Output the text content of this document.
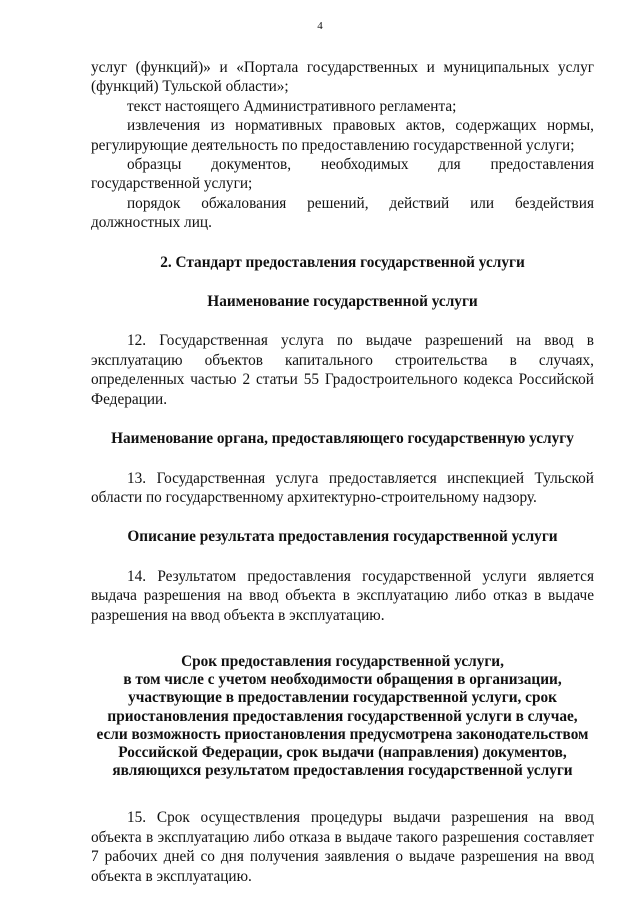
4

услуг (функций)» и «Портала государственных и муниципальных услуг (функций) Тульской области»;

текст настоящего Административного регламента;

извлечения из нормативных правовых актов, содержащих нормы, регулирующие деятельность по предоставлению государственной услуги;

образцы документов, необходимых для предоставления государственной услуги;

порядок обжалования решений, действий или бездействия должностных лиц.

2. Стандарт предоставления государственной услуги

Наименование государственной услуги

12. Государственная услуга по выдаче разрешений на ввод в эксплуатацию объектов капитального строительства в случаях, определенных частью 2 статьи 55 Градостроительного кодекса Российской Федерации.

Наименование органа, предоставляющего государственную услугу

13. Государственная услуга предоставляется инспекцией Тульской области по государственному архитектурно-строительному надзору.

Описание результата предоставления государственной услуги

14. Результатом предоставления государственной услуги является выдача разрешения на ввод объекта в эксплуатацию либо отказ в выдаче разрешения на ввод объекта в эксплуатацию.

Срок предоставления государственной услуги,

в том числе с учетом необходимости обращения в организации,

участвующие в предоставлении государственной услуги, срок

приостановления предоставления государственной услуги в случае,

если возможность приостановления предусмотрена законодательством

Российской Федерации, срок выдачи (направления) документов,

являющихся результатом предоставления государственной услуги

15. Срок осуществления процедуры выдачи разрешения на ввод объекта в эксплуатацию либо отказа в выдаче такого разрешения составляет 7 рабочих дней со дня получения заявления о выдаче разрешения на ввод объекта в эксплуатацию.
